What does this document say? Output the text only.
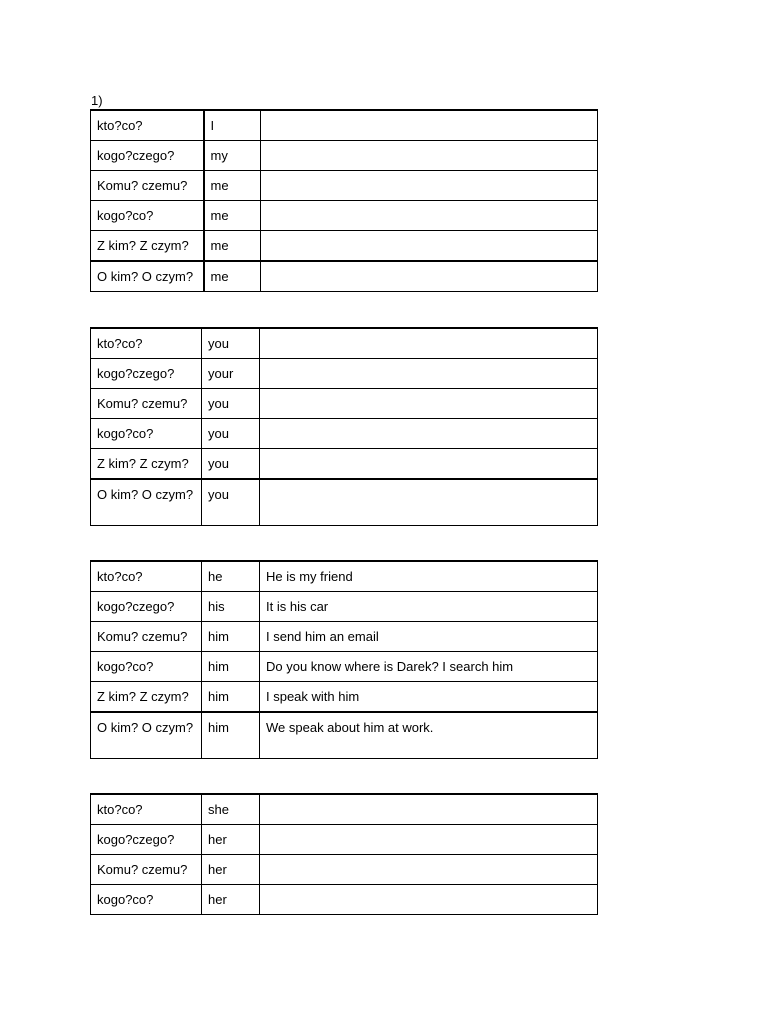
1)
kto?co?	I	
kogo?czego?	my	
Komu? czemu?	me	
kogo?co?	me	
Z kim? Z czym?	me	
O kim? O czym?	me	
kto?co?	you	
kogo?czego?	your	
Komu? czemu?	you	
kogo?co?	you	
Z kim? Z czym?	you	
O kim? O czym?	you	
kto?co?	he	He is my friend
kogo?czego?	his	It is his car
Komu? czemu?	him	I send him an email
kogo?co?	him	Do you know where is Darek? I search him
Z kim? Z czym?	him	I speak with him
O kim? O czym?	him	We speak about him at work.
kto?co?	she	
kogo?czego?	her	
Komu? czemu?	her	
kogo?co?	her	
